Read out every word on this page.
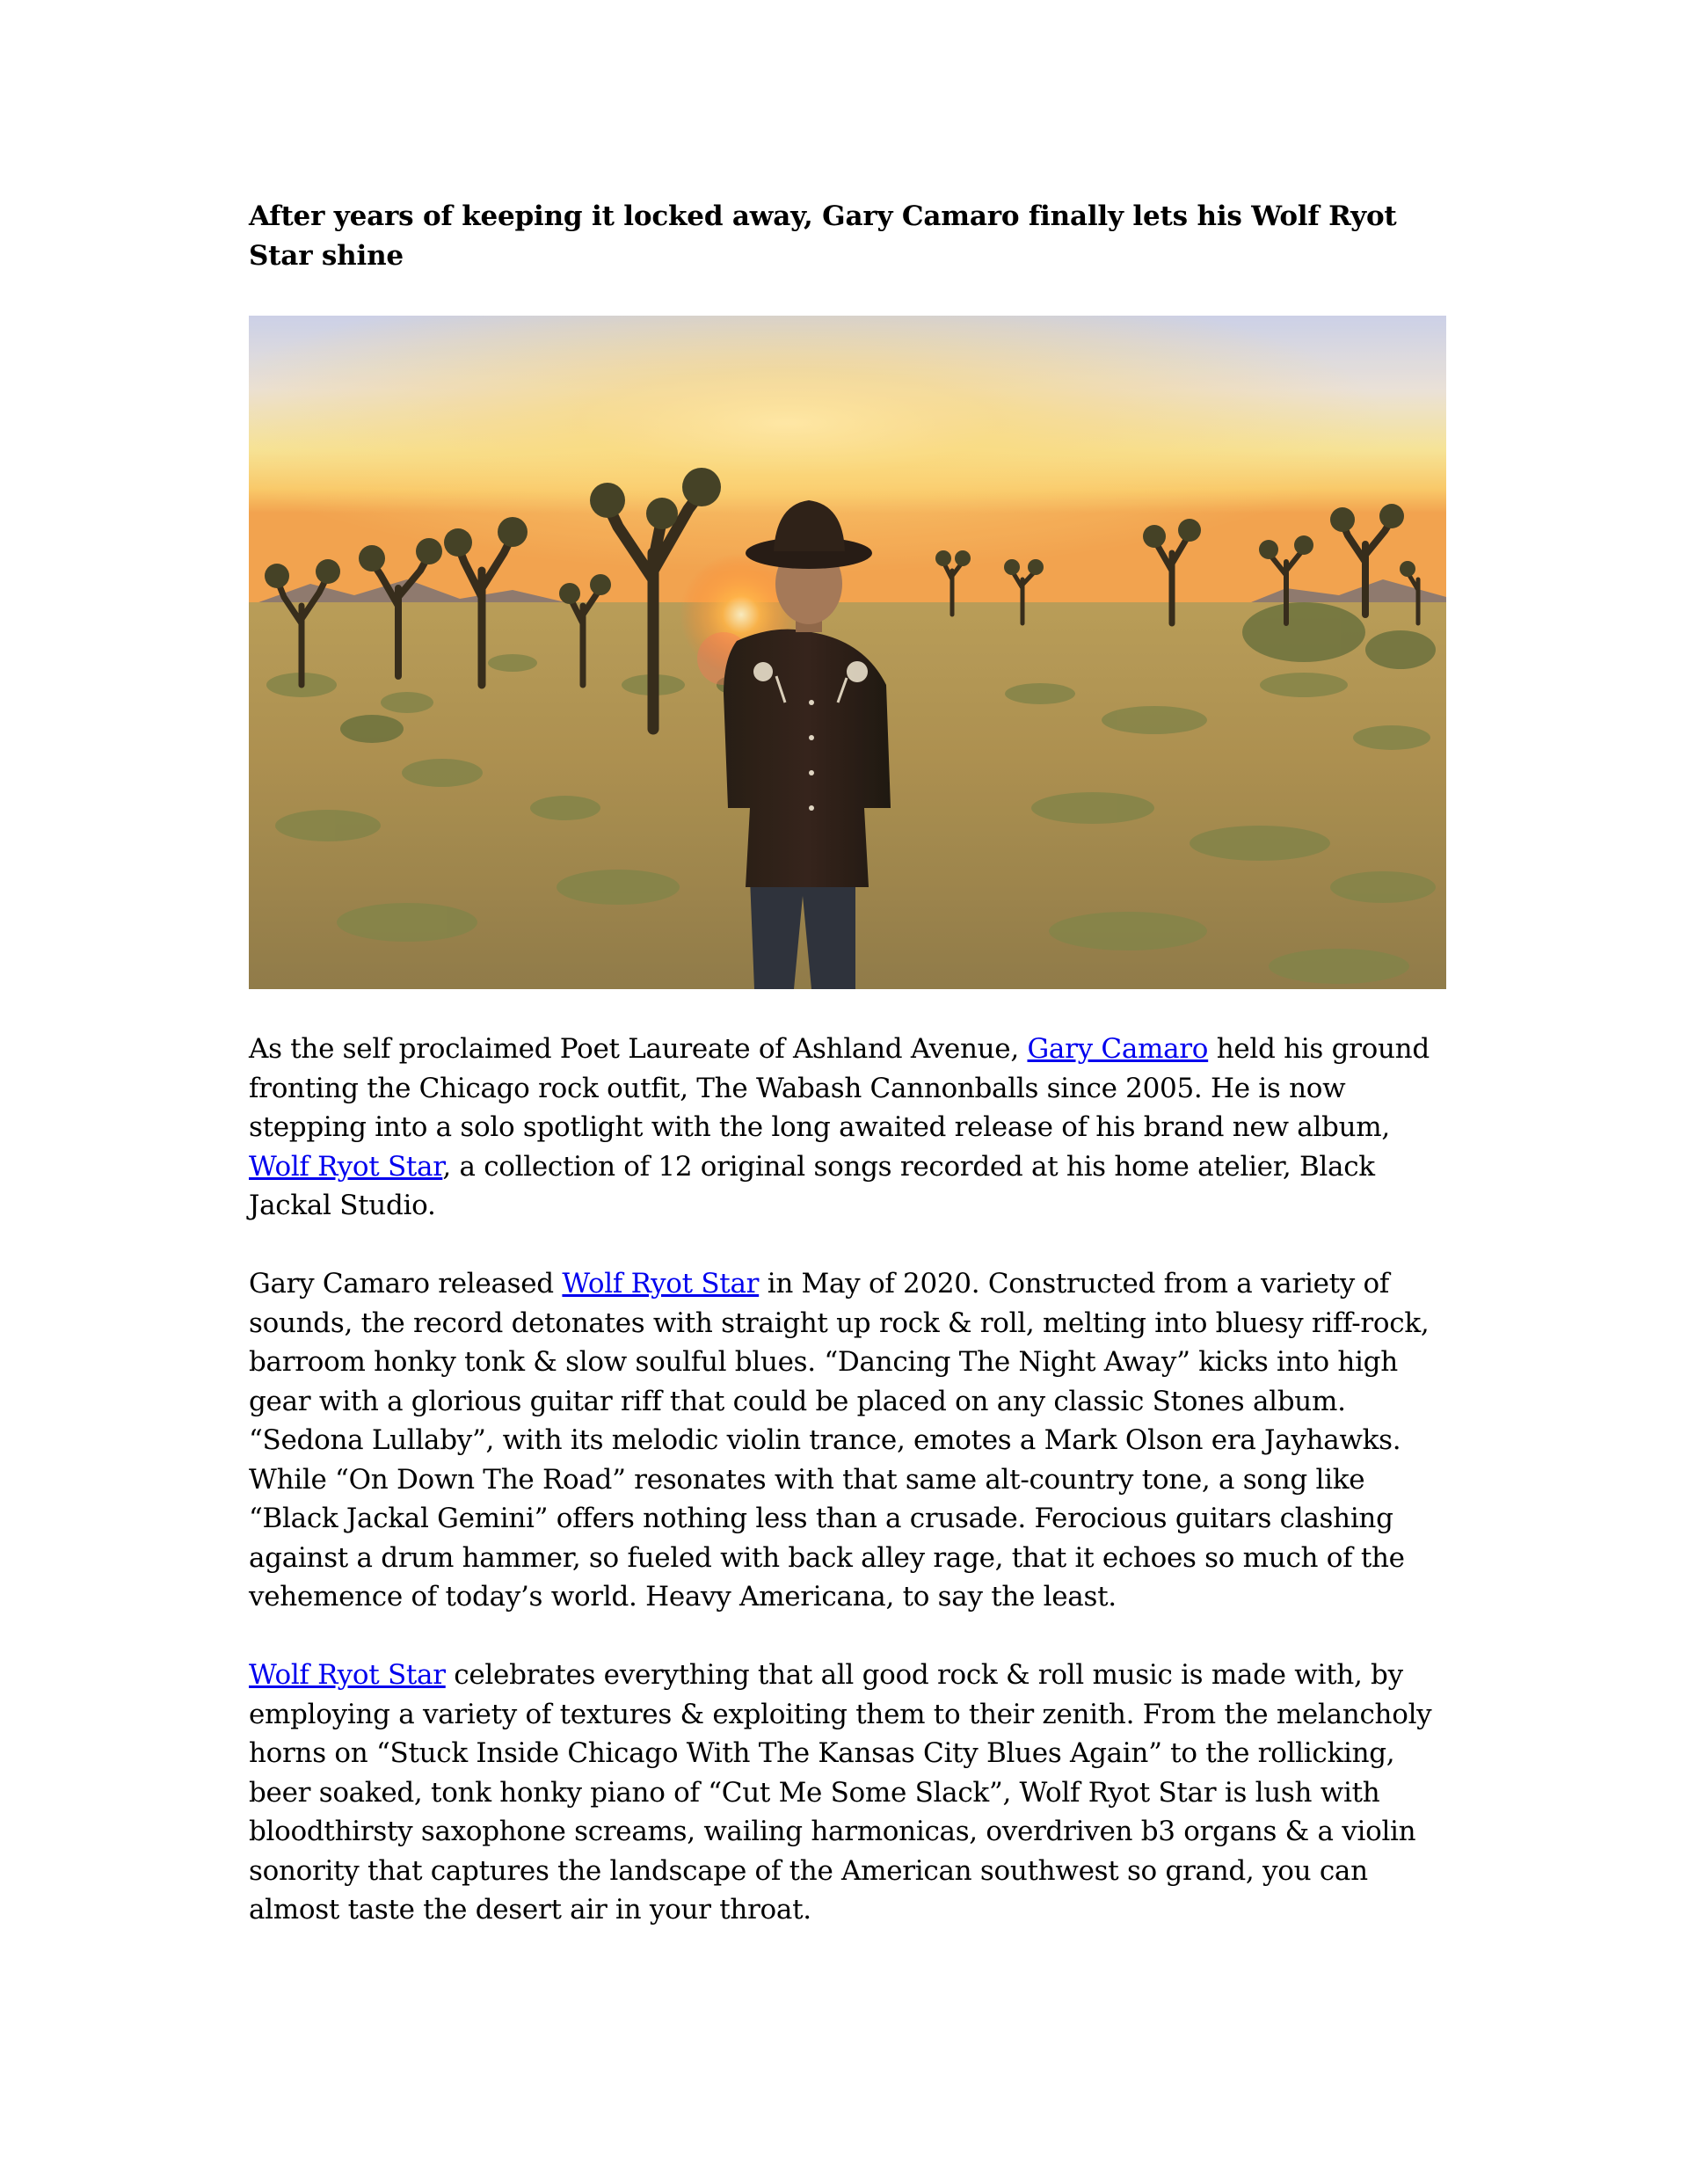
After years of keeping it locked away, Gary Camaro finally lets his Wolf Ryot Star shine

As the self proclaimed Poet Laureate of Ashland Avenue, Gary Camaro held his ground fronting the Chicago rock outfit, The Wabash Cannonballs since 2005. He is now stepping into a solo spotlight with the long awaited release of his brand new album, Wolf Ryot Star, a collection of 12 original songs recorded at his home atelier, Black Jackal Studio.

Gary Camaro released Wolf Ryot Star in May of 2020. Constructed from a variety of sounds, the record detonates with straight up rock & roll, melting into bluesy riff-rock, barroom honky tonk & slow soulful blues. “Dancing The Night Away” kicks into high gear with a glorious guitar riff that could be placed on any classic Stones album. “Sedona Lullaby”, with its melodic violin trance, emotes a Mark Olson era Jayhawks. While “On Down The Road” resonates with that same alt-country tone, a song like “Black Jackal Gemini” offers nothing less than a crusade. Ferocious guitars clashing against a drum hammer, so fueled with back alley rage, that it echoes so much of the vehemence of today’s world. Heavy Americana, to say the least.

Wolf Ryot Star celebrates everything that all good rock & roll music is made with, by employing a variety of textures & exploiting them to their zenith. From the melancholy horns on “Stuck Inside Chicago With The Kansas City Blues Again” to the rollicking, beer soaked, tonk honky piano of “Cut Me Some Slack”, Wolf Ryot Star is lush with bloodthirsty saxophone screams, wailing harmonicas, overdriven b3 organs & a violin sonority that captures the landscape of the American southwest so grand, you can almost taste the desert air in your throat.
